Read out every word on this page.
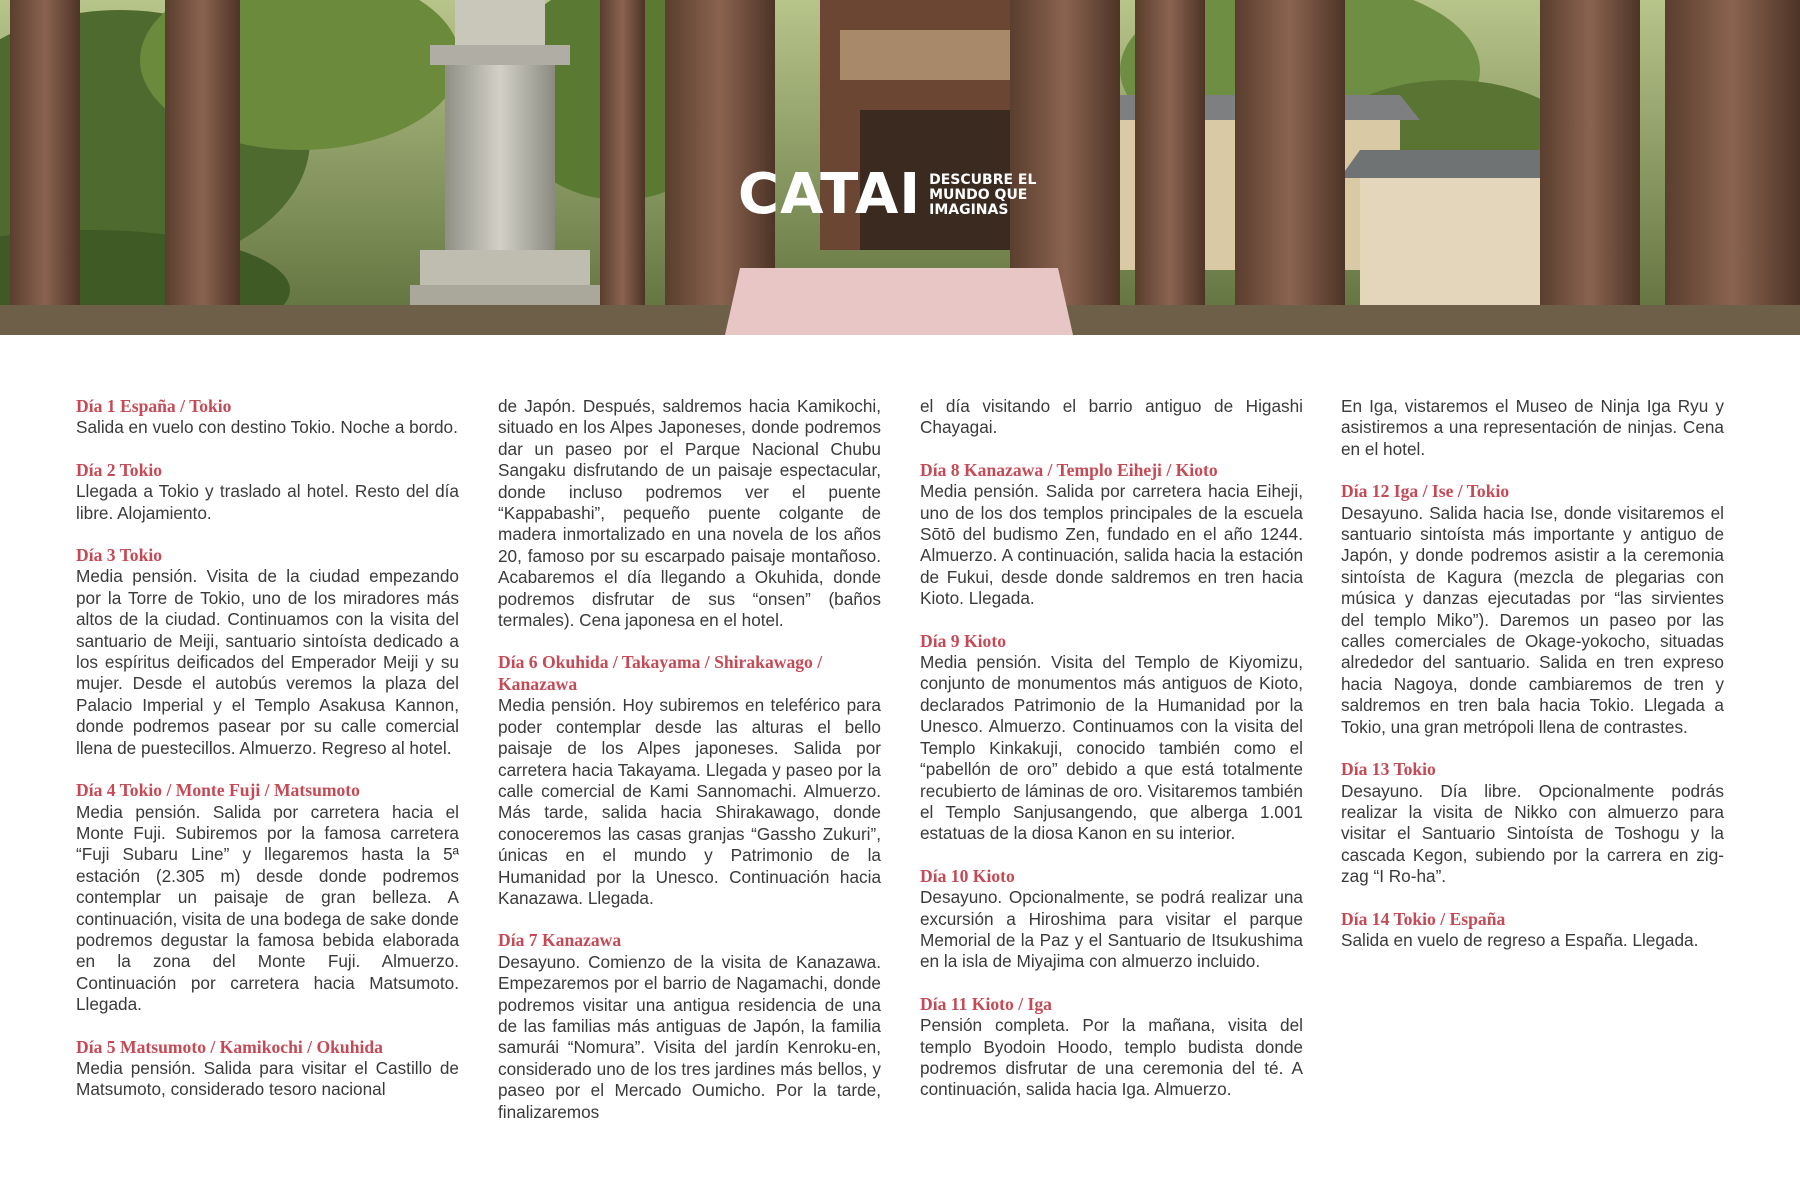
CATAI DESCUBRE EL MUNDO QUE IMAGINAS
Día 1 España / Tokio

Salida en vuelo con destino Tokio. Noche a bordo.

Día 2 Tokio

Llegada a Tokio y traslado al hotel. Resto del día libre. Alojamiento.

Día 3 Tokio

Media pensión. Visita de la ciudad empezando por la Torre de Tokio, uno de los miradores más altos de la ciudad. Continuamos con la visita del santuario de Meiji, santuario sintoísta dedicado a los espíritus deificados del Emperador Meiji y su mujer. Desde el autobús veremos la plaza del Palacio Imperial y el Templo Asakusa Kannon, donde podremos pasear por su calle comercial llena de puestecillos. Almuerzo. Regreso al hotel.

Día 4 Tokio / Monte Fuji / Matsumoto

Media pensión. Salida por carretera hacia el Monte Fuji. Subiremos por la famosa carretera “Fuji Subaru Line” y llegaremos hasta la 5ª estación (2.305 m) desde donde podremos contemplar un paisaje de gran belleza. A continuación, visita de una bodega de sake donde podremos degustar la famosa bebida elaborada en la zona del Monte Fuji. Almuerzo. Continuación por carretera hacia Matsumoto. Llegada.

Día 5 Matsumoto / Kamikochi / Okuhida

Media pensión. Salida para visitar el Castillo de Matsumoto, considerado tesoro nacional

de Japón. Después, saldremos hacia Kamikochi, situado en los Alpes Japoneses, donde podremos dar un paseo por el Parque Nacional Chubu Sangaku disfrutando de un paisaje espectacular, donde incluso podremos ver el puente “Kappabashi”, pequeño puente colgante de madera inmortalizado en una novela de los años 20, famoso por su escarpado paisaje montañoso. Acabaremos el día llegando a Okuhida, donde podremos disfrutar de sus “onsen” (baños termales). Cena japonesa en el hotel.

Día 6 Okuhida / Takayama / Shirakawago / Kanazawa

Media pensión. Hoy subiremos en teleférico para poder contemplar desde las alturas el bello paisaje de los Alpes japoneses. Salida por carretera hacia Takayama. Llegada y paseo por la calle comercial de Kami Sannomachi. Almuerzo. Más tarde, salida hacia Shirakawago, donde conoceremos las casas granjas “Gassho Zukuri”, únicas en el mundo y Patrimonio de la Humanidad por la Unesco. Continuación hacia Kanazawa. Llegada.

Día 7 Kanazawa

Desayuno. Comienzo de la visita de Kanazawa. Empezaremos por el barrio de Nagamachi, donde podremos visitar una antigua residencia de una de las familias más antiguas de Japón, la familia samurái “Nomura”. Visita del jardín Kenroku-en, considerado uno de los tres jardines más bellos, y paseo por el Mercado Oumicho. Por la tarde, finalizaremos

el día visitando el barrio antiguo de Higashi Chayagai.

Día 8 Kanazawa / Templo Eiheji / Kioto

Media pensión. Salida por carretera hacia Eiheji, uno de los dos templos principales de la escuela Sōtō del budismo Zen, fundado en el año 1244. Almuerzo. A continuación, salida hacia la estación de Fukui, desde donde saldremos en tren hacia Kioto. Llegada.

Día 9 Kioto

Media pensión. Visita del Templo de Kiyomizu, conjunto de monumentos más antiguos de Kioto, declarados Patrimonio de la Humanidad por la Unesco. Almuerzo. Continuamos con la visita del Templo Kinkakuji, conocido también como el “pabellón de oro” debido a que está totalmente recubierto de láminas de oro. Visitaremos también el Templo Sanjusangendo, que alberga 1.001 estatuas de la diosa Kanon en su interior.

Día 10 Kioto

Desayuno. Opcionalmente, se podrá realizar una excursión a Hiroshima para visitar el parque Memorial de la Paz y el Santuario de Itsukushima en la isla de Miyajima con almuerzo incluido.

Día 11 Kioto / Iga

Pensión completa. Por la mañana, visita del templo Byodoin Hoodo, templo budista donde podremos disfrutar de una ceremonia del té. A continuación, salida hacia Iga. Almuerzo.

En Iga, vistaremos el Museo de Ninja Iga Ryu y asistiremos a una representación de ninjas. Cena en el hotel.

Día 12 Iga / Ise / Tokio

Desayuno. Salida hacia Ise, donde visitaremos el santuario sintoísta más importante y antiguo de Japón, y donde podremos asistir a la ceremonia sintoísta de Kagura (mezcla de plegarias con música y danzas ejecutadas por “las sirvientes del templo Miko”). Daremos un paseo por las calles comerciales de Okage-yokocho, situadas alrededor del santuario. Salida en tren expreso hacia Nagoya, donde cambiaremos de tren y saldremos en tren bala hacia Tokio. Llegada a Tokio, una gran metrópoli llena de contrastes.

Día 13 Tokio

Desayuno. Día libre. Opcionalmente podrás realizar la visita de Nikko con almuerzo para visitar el Santuario Sintoísta de Toshogu y la cascada Kegon, subiendo por la carrera en zig-zag “I Ro-ha”.

Día 14 Tokio / España

Salida en vuelo de regreso a España. Llegada.
